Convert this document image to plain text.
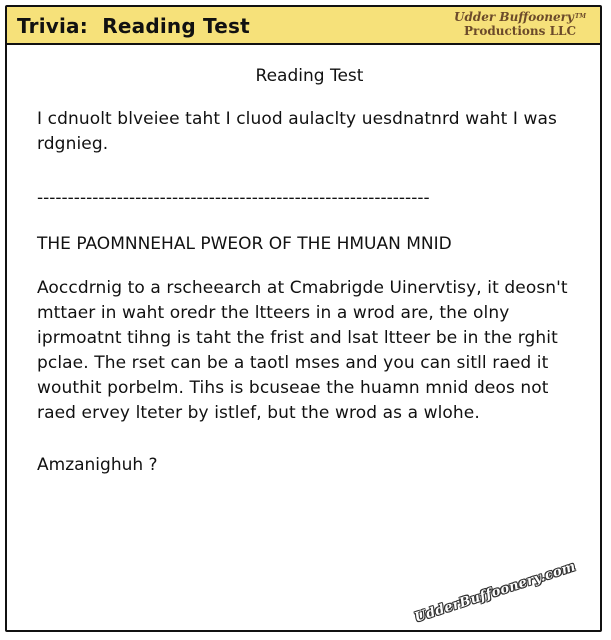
Trivia:  Reading Test	Udder Buffoonery™
Productions LLC
Reading Test
I cdnuolt blveiee taht I cluod aulaclty uesdnatnrd waht I was rdgnieg.
----------------------------------------------------------------
THE PAOMNNEHAL PWEOR OF THE HMUAN MNID
Aoccdrnig to a rscheearch at Cmabrigde Uinervtisy, it deosn't mttaer in waht oredr the ltteers in a wrod are, the olny iprmoatnt tihng is taht the frist and lsat ltteer be in the rghit pclae. The rset can be a taotl mses and you can sitll raed it wouthit porbelm. Tihs is bcuseae the huamn mnid deos not raed ervey lteter by istlef, but the wrod as a wlohe.
Amzanighuh ?
UdderBuffoonery.com
